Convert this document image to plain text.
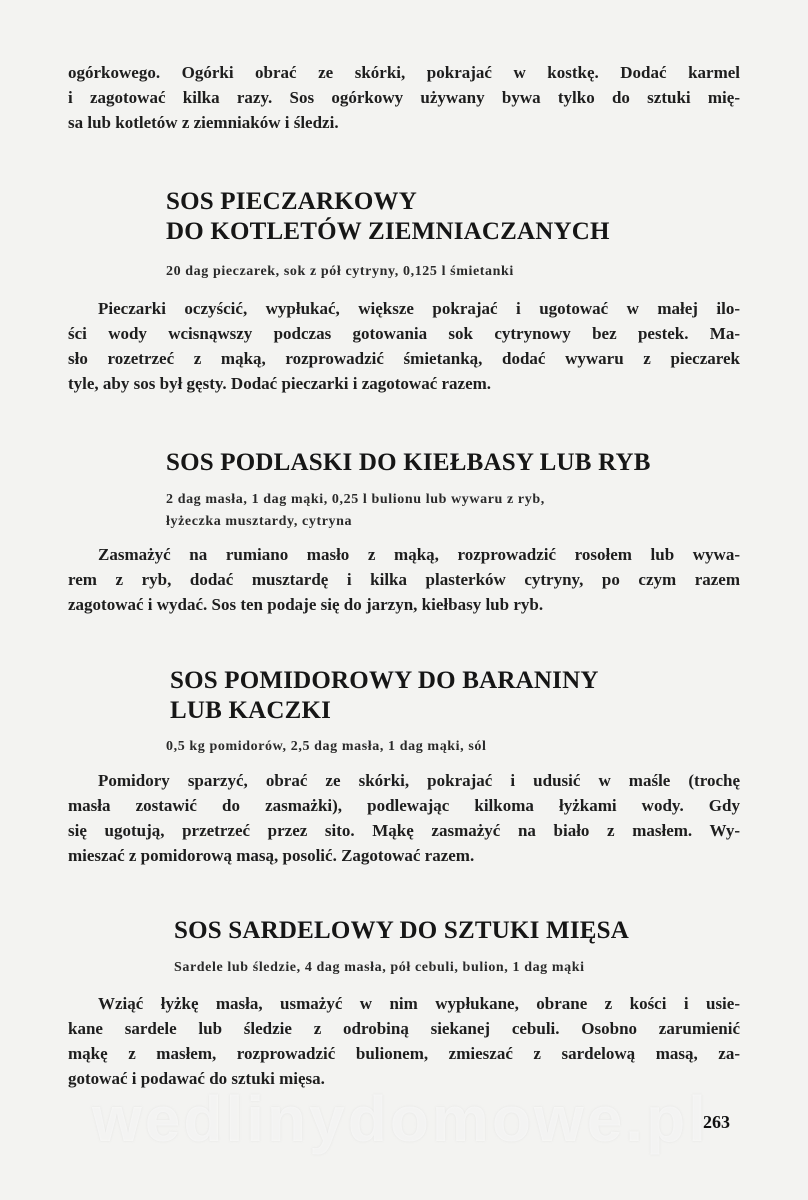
ogórkowego. Ogórki obrać ze skórki, pokrajać w kostkę. Dodać karmel
i zagotować kilka razy. Sos ogórkowy używany bywa tylko do sztuki mię-
sa lub kotletów z ziemniaków i śledzi.
SOS PIECZARKOWY
DO KOTLETÓW ZIEMNIACZANYCH

20 dag pieczarek, sok z pół cytryny, 0,125 l śmietanki

Pieczarki oczyścić, wypłukać, większe pokrajać i ugotować w małej ilo-
ści wody wcisnąwszy podczas gotowania sok cytrynowy bez pestek. Ma-
sło rozetrzeć z mąką, rozprowadzić śmietanką, dodać wywaru z pieczarek
tyle, aby sos był gęsty. Dodać pieczarki i zagotować razem.
SOS PODLASKI DO KIEŁBASY LUB RYB

2 dag masła, 1 dag mąki, 0,25 l bulionu lub wywaru z ryb,

łyżeczka musztardy, cytryna

Zasmażyć na rumiano masło z mąką, rozprowadzić rosołem lub wywa-
rem z ryb, dodać musztardę i kilka plasterków cytryny, po czym razem
zagotować i wydać. Sos ten podaje się do jarzyn, kiełbasy lub ryb.
SOS POMIDOROWY DO BARANINY
LUB KACZKI

0,5 kg pomidorów, 2,5 dag masła, 1 dag mąki, sól

Pomidory sparzyć, obrać ze skórki, pokrajać i udusić w maśle (trochę
masła zostawić do zasmażki), podlewając kilkoma łyżkami wody. Gdy
się ugotują, przetrzeć przez sito. Mąkę zasmażyć na biało z masłem. Wy-
mieszać z pomidorową masą, posolić. Zagotować razem.
SOS SARDELOWY DO SZTUKI MIĘSA

Sardele lub śledzie, 4 dag masła, pół cebuli, bulion, 1 dag mąki

Wziąć łyżkę masła, usmażyć w nim wypłukane, obrane z kości i usie-
kane sardele lub śledzie z odrobiną siekanej cebuli. Osobno zarumienić
mąkę z masłem, rozprowadzić bulionem, zmieszać z sardelową masą, za-
gotować i podawać do sztuki mięsa.
wedlinydomowe.pl
263
